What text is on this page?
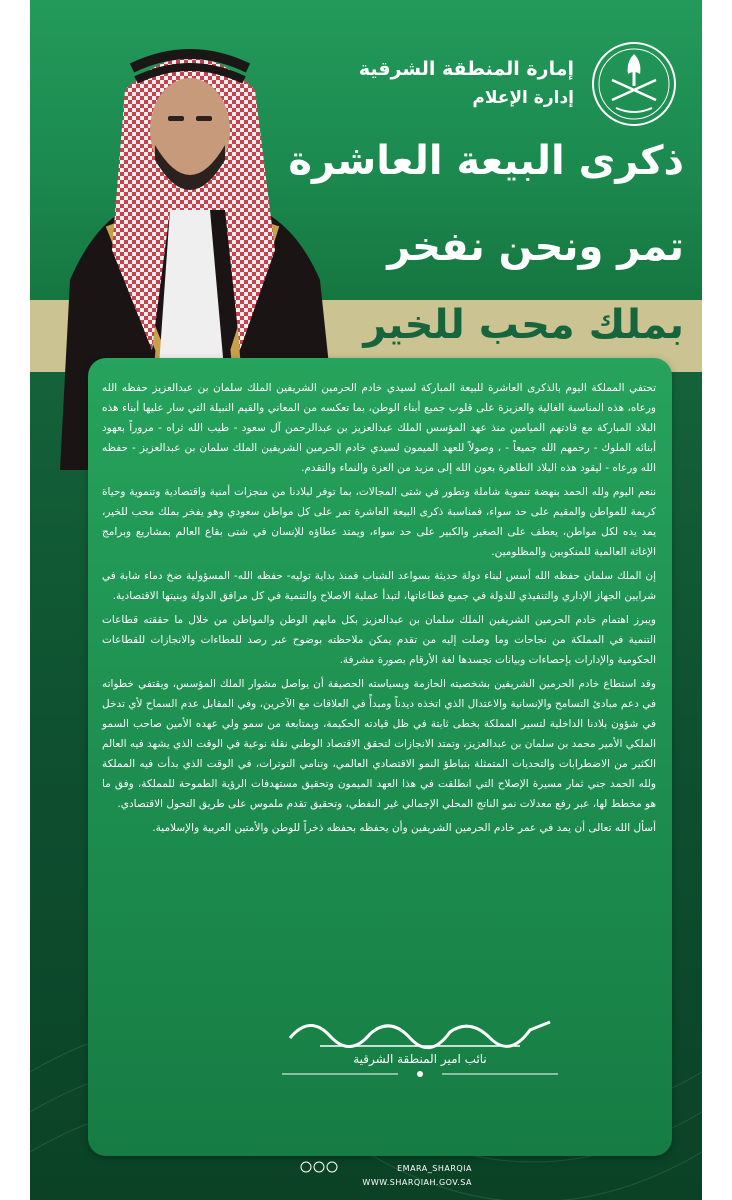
إمارة المنطقة الشرقية
إدارة الإعلام
ذكرى البيعة العاشرة
تمر ونحن نفخر
بملك محب للخير

تحتفي المملكة اليوم بالذكرى العاشرة للبيعة المباركة لسيدي خادم الحرمين الشريفين الملك سلمان بن عبدالعزيز حفظه الله ورعاه، هذه المناسبة الغالية والعزيزة على قلوب جميع أبناء الوطن، بما تعكسه من المعاني والقيم النبيلة التي سار عليها أبناء هذه البلاد المباركة مع قادتهم الميامين منذ عهد المؤسس الملك عبدالعزيز بن عبدالرحمن آل سعود - طيب الله ثراه - مروراً بعهود أبنائه الملوك - رحمهم الله جميعاً - ، وصولاً للعهد الميمون لسيدي خادم الحرمين الشريفين الملك سلمان بن عبدالعزيز - حفظه الله ورعاه - ليقود هذه البلاد الطاهرة بعون الله إلى مزيد من العزة والنماء والتقدم.

ننعم اليوم ولله الحمد بنهضة تنموية شاملة وتطور في شتى المجالات، بما توفر لبلادنا من منجزات أمنية واقتصادية وتنموية وحياة كريمة للمواطن والمقيم على حد سواء، فمناسبة ذكرى البيعة العاشرة تمر على كل مواطن سعودي وهو يفخر بملك محب للخير، يمد يده لكل مواطن، يعطف على الصغير والكبير على حد سواء، ويمتد عطاؤه للإنسان في شتى بقاع العالم بمشاريع وبرامج الإغاثة العالمية للمنكوبين والمظلومين.

إن الملك سلمان حفظه الله أسس لبناء دولة حديثة بسواعد الشباب فمنذ بداية توليه- حفظه الله- المسؤولية ضخ دماء شابة في شرايين الجهاز الإداري والتنفيذي للدولة في جميع قطاعاتها، لتبدأ عملية الاصلاح والتنمية في كل مرافق الدولة وبنيتها الاقتصادية.

ويبرز اهتمام خادم الحرمين الشريفين الملك سلمان بن عبدالعزيز بكل مايهم الوطن والمواطن من خلال ما حققته قطاعات التنمية في المملكة من نجاحات وما وصلت إليه من تقدم يمكن ملاحظته بوضوح عبر رصد للعطاءات والانجازات للقطاعات الحكومية والإدارات بإحصاءات وبيانات تجسدها لغة الأرقام بصورة مشرفة.

وقد استطاع خادم الحرمين الشريفين بشخصيته الحازمة وبسياسته الحصيفة أن يواصل مشوار الملك المؤسس، ويقتفي خطواته في دعم مبادئ التسامح والإنسانية والاعتدال الذي اتخذه ديدناً ومبدأً في العلاقات مع الآخرين، وفي المقابل عدم السماح لأي تدخل في شؤون بلادنا الداخلية لتسير المملكة بخطى ثابتة في ظل قيادته الحكيمة، وبمتابعة من سمو ولي عهده الأمين صاحب السمو الملكي الأمير محمد بن سلمان بن عبدالعزيز، وتمتد الانجازات لتحقق الاقتصاد الوطني نقلة نوعية في الوقت الذي يشهد فيه العالم الكثير من الاضطرابات والتحديات المتمثلة بتباطؤ النمو الاقتصادي العالمي، وتنامي التوترات، في الوقت الذي بدأت فيه المملكة ولله الحمد جني ثمار مسيرة الإصلاح التي انطلقت في هذا العهد الميمون وتحقيق مستهدفات الرؤية الطموحة للمملكة، وفق ما هو مخطط لها، عبر رفع معدلات نمو الناتج المحلي الإجمالي غير النفطي، وتحقيق تقدم ملموس على طريق التحول الاقتصادي.

أسأل الله تعالى أن يمد في عمر خادم الحرمين الشريفين وأن يحفظه بحفظه ذخراً للوطن والأمتين العربية والإسلامية.

نائب امير المنطقة الشرقية
EMARA_SHARQIA
WWW.SHARQIAH.GOV.SA
